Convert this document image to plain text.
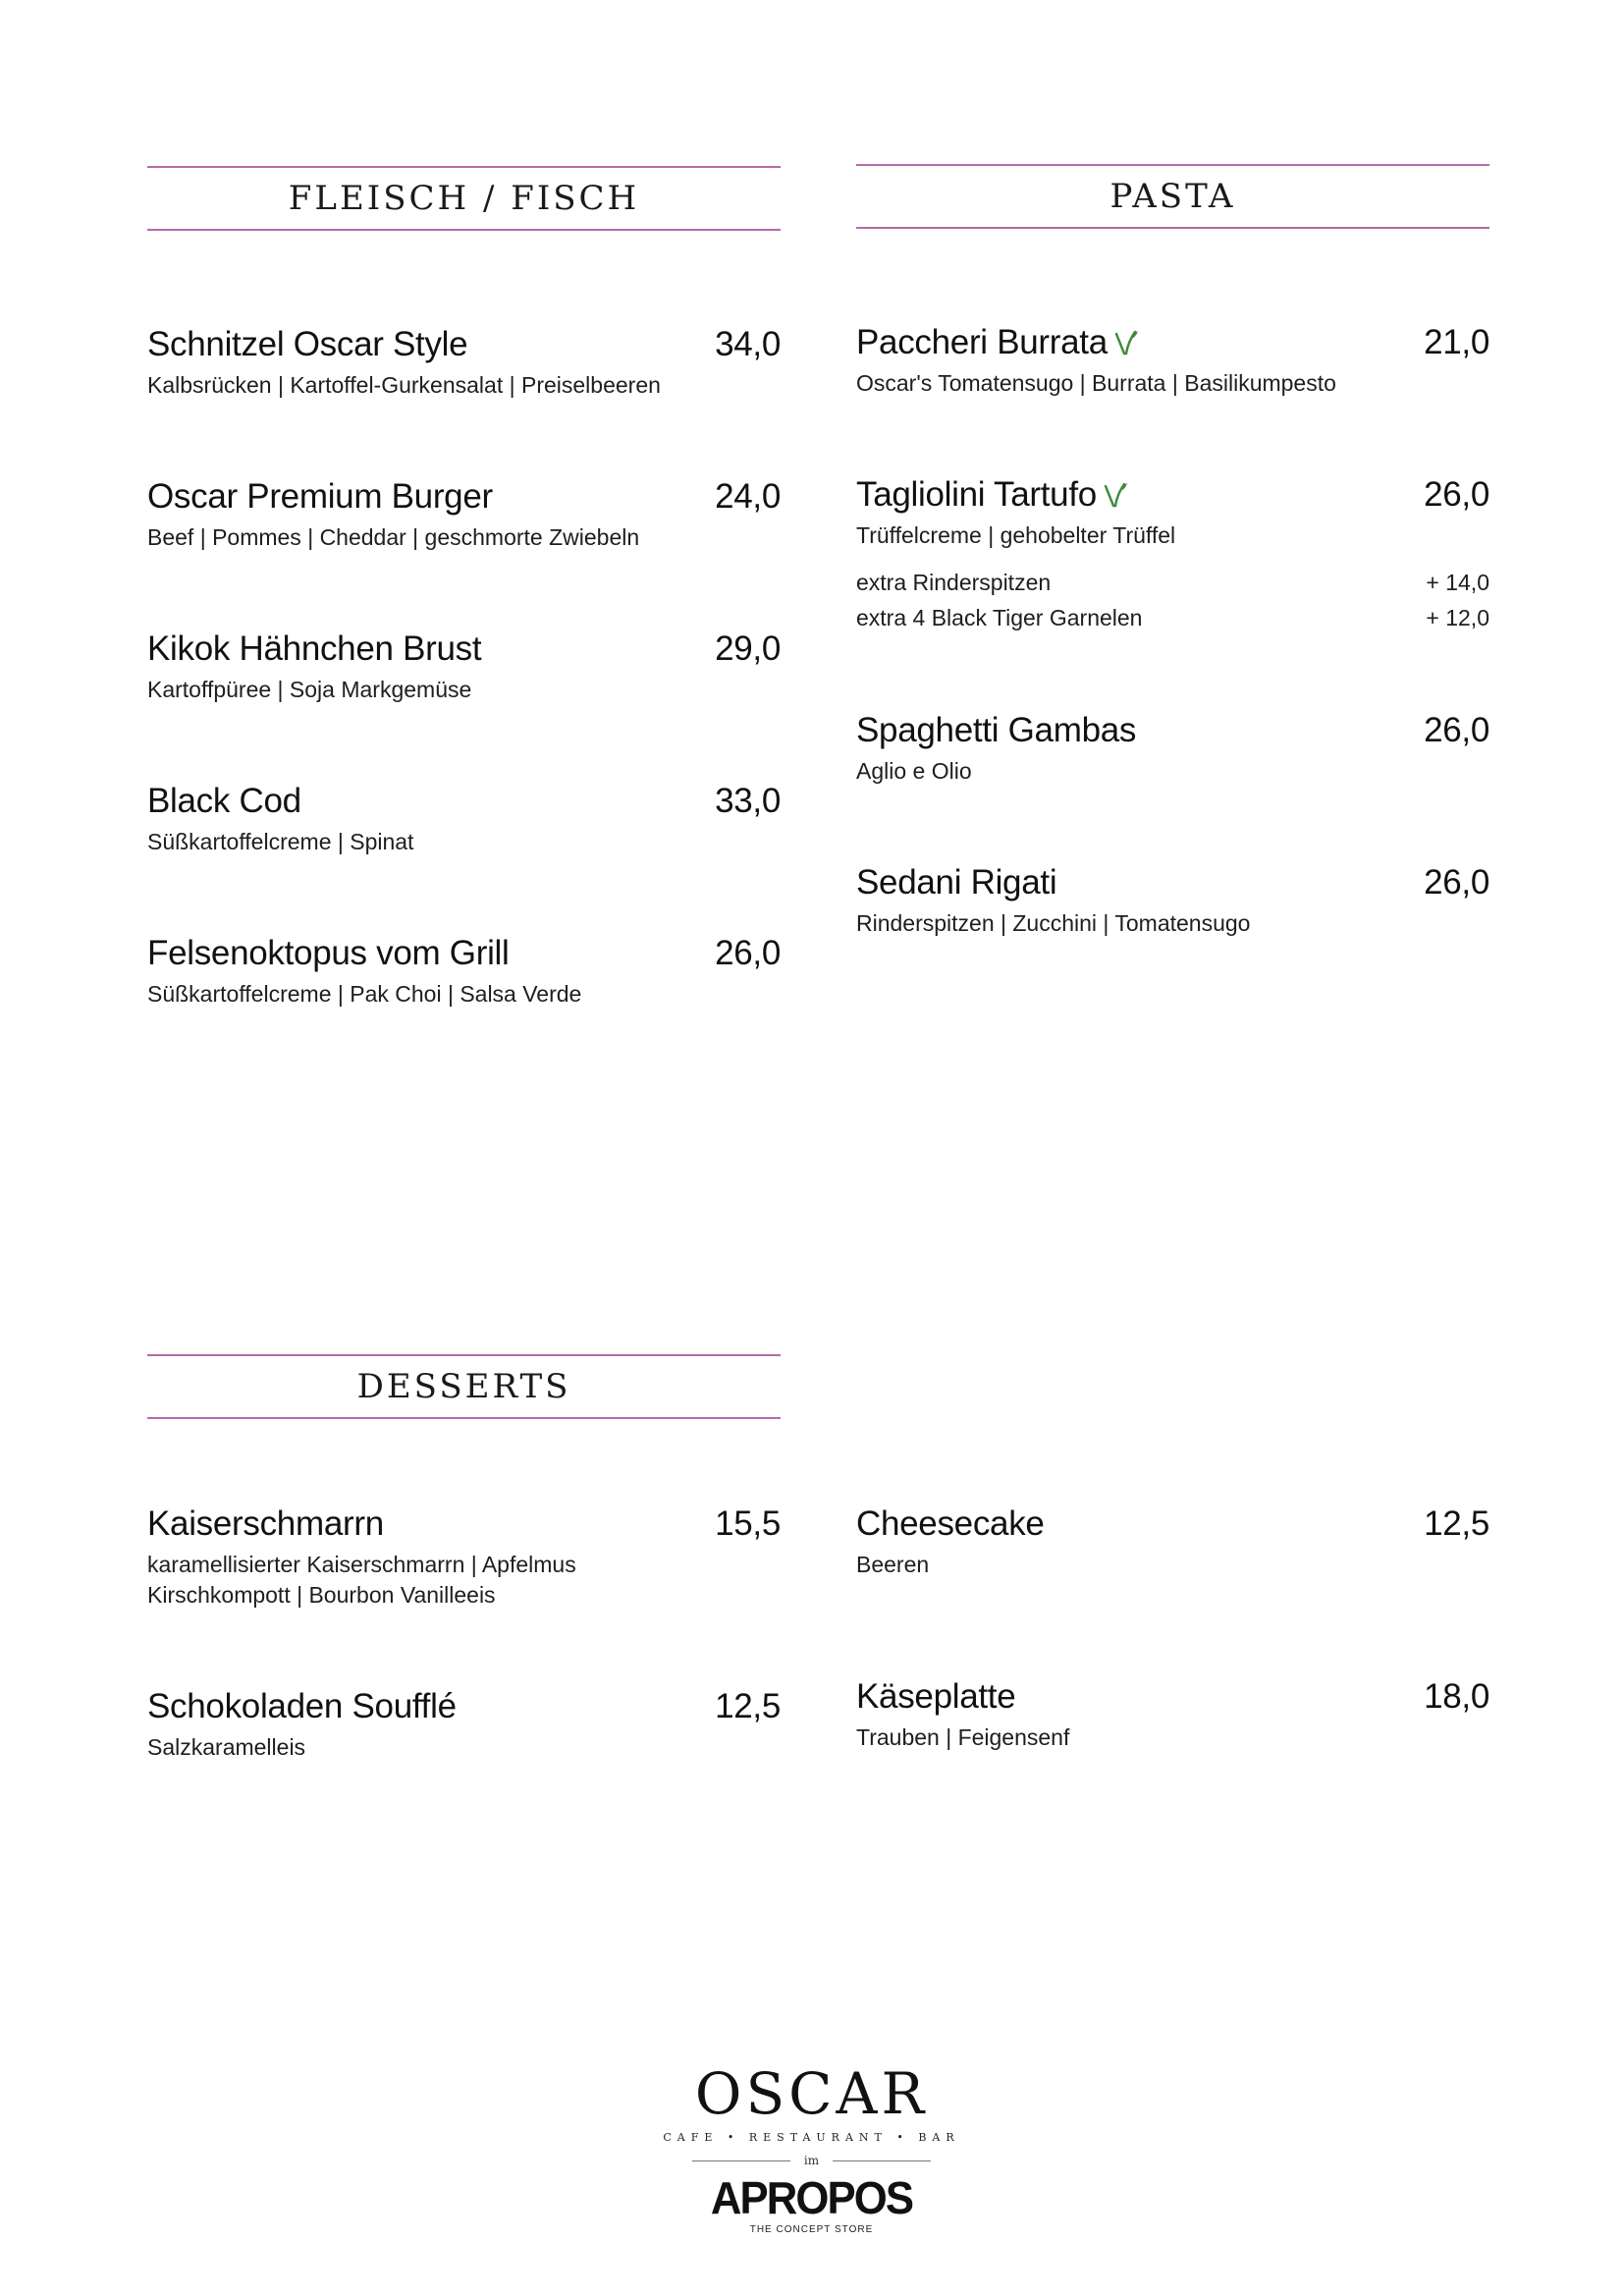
FLEISCH / FISCH
Schnitzel Oscar Style	34,0
Kalbsrücken | Kartoffel-Gurkensalat | Preiselbeeren
Oscar Premium Burger	24,0
Beef | Pommes | Cheddar | geschmorte Zwiebeln
Kikok Hähnchen Brust	29,0
Kartoffpüree | Soja Markgemüse
Black Cod	33,0
Süßkartoffelcreme | Spinat
Felsenoktopus vom Grill	26,0
Süßkartoffelcreme | Pak Choi | Salsa Verde
PASTA
Paccheri Burrata	21,0
Oscar's Tomatensugo | Burrata | Basilikumpesto
Tagliolini Tartufo	26,0
Trüffelcreme | gehobelter Trüffel
extra Rinderspitzen	+ 14,0
extra 4 Black Tiger Garnelen	+ 12,0
Spaghetti Gambas	26,0
Aglio e Olio
Sedani Rigati	26,0
Rinderspitzen | Zucchini | Tomatensugo
DESSERTS
Kaiserschmarrn	15,5
karamellisierter Kaiserschmarrn | Apfelmus
Kirschkompott | Bourbon Vanilleeis
Schokoladen Soufflé	12,5
Salzkaramelleis
Cheesecake	12,5
Beeren
Käseplatte	18,0
Trauben | Feigensenf
OSCAR
CAFE • RESTAURANT • BAR
im
APROPOS
THE CONCEPT STORE
